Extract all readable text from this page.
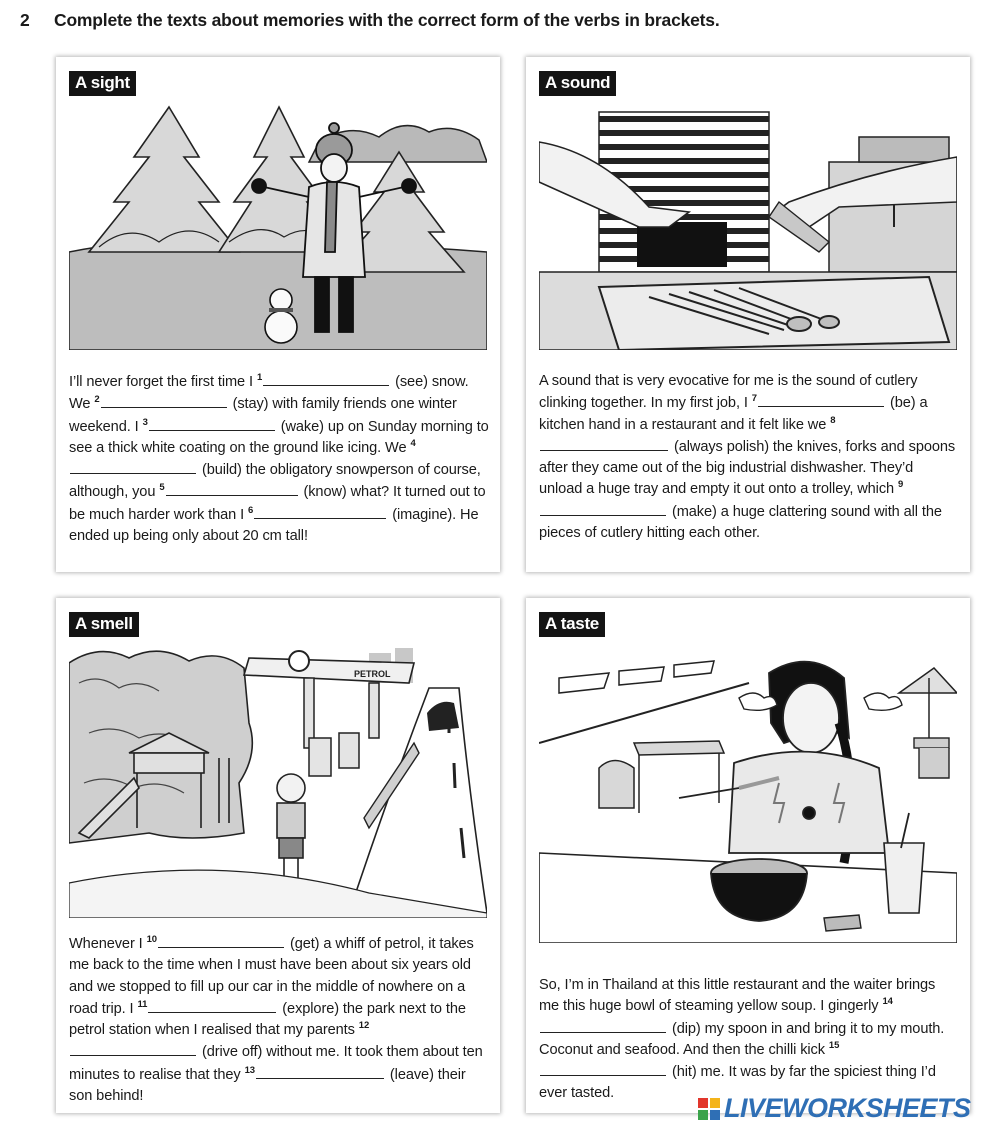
2 Complete the texts about memories with the correct form of the verbs in brackets.
A sight
I’ll never forget the first time I $^1$	(see) snow. We $^2$	(stay) with family friends one winter weekend. I $^3$	(wake) up on Sunday morning to see a thick white coating on the ground like icing. We $^4$ (build) the obligatory snowperson of course, although, you $^5$	(know) what? It turned out to be much harder work than I $^6$	(imagine). He ended up being only about 20 cm tall!
A sound
A sound that is very evocative for me is the sound of cutlery clinking together. In my first job, I $^7$	(be) a kitchen hand in a restaurant and it felt like we $^8$ (always polish) the knives, forks and spoons after they came out of the big industrial dishwasher. They’d unload a huge tray and empty it out onto a trolley, which $^9$ (make) a huge clattering sound with all the pieces of cutlery hitting each other.
A smell
PETROL
Whenever I $^{10}$	(get) a whiff of petrol, it takes me back to the time when I must have been about six years old and we stopped to fill up our car in the middle of nowhere on a road trip. I $^{11}$	(explore) the park next to the petrol station when I realised that my parents $^{12}$ (drive off) without me. It took them about ten minutes to realise that they $^{13}$	(leave) their son behind!
A taste
So, I’m in Thailand at this little restaurant and the waiter brings me this huge bowl of steaming yellow soup. I gingerly $^{14}$ (dip) my spoon in and bring it to my mouth. Coconut and seafood. And then the chilli kick $^{15}$ (hit) me. It was by far the spiciest thing I’d ever tasted.	LIVEWORKSHEETS
